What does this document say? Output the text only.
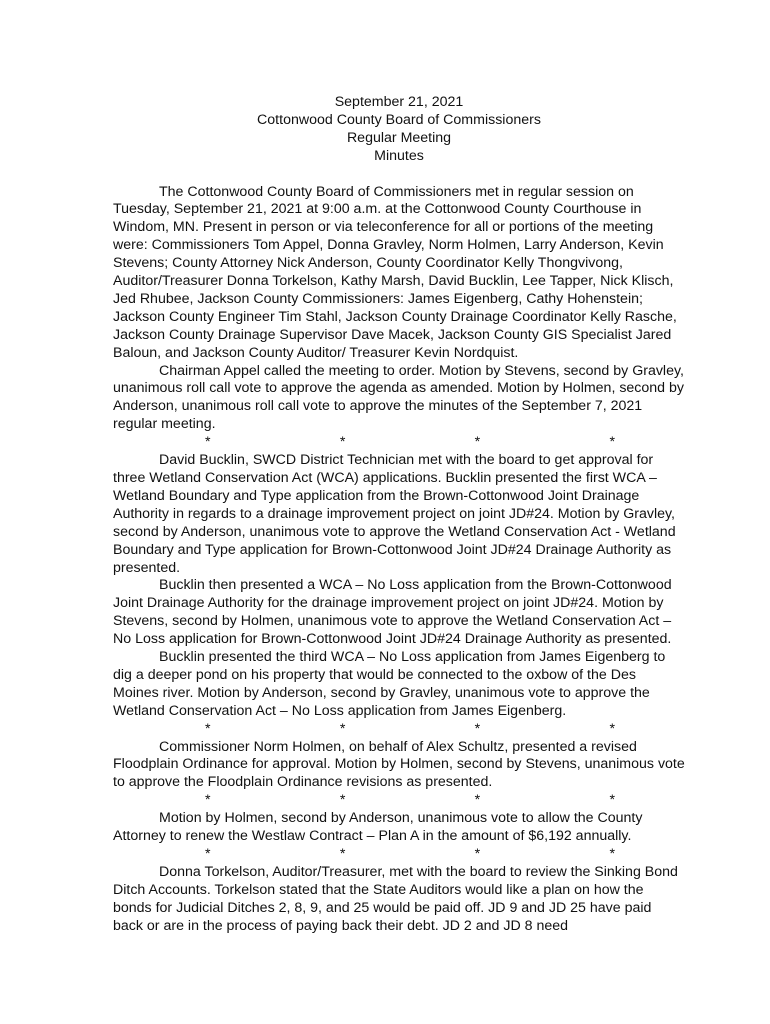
September 21, 2021
Cottonwood County Board of Commissioners
Regular Meeting
Minutes

The Cottonwood County Board of Commissioners met in regular session on Tuesday, September 21, 2021 at 9:00 a.m. at the Cottonwood County Courthouse in Windom, MN. Present in person or via teleconference for all or portions of the meeting were: Commissioners Tom Appel, Donna Gravley, Norm Holmen, Larry Anderson, Kevin Stevens; County Attorney Nick Anderson, County Coordinator Kelly Thongvivong, Auditor/Treasurer Donna Torkelson, Kathy Marsh, David Bucklin, Lee Tapper, Nick Klisch, Jed Rhubee, Jackson County Commissioners: James Eigenberg, Cathy Hohenstein; Jackson County Engineer Tim Stahl, Jackson County Drainage Coordinator Kelly Rasche, Jackson County Drainage Supervisor Dave Macek, Jackson County GIS Specialist Jared Baloun, and Jackson County Auditor/ Treasurer Kevin Nordquist.

Chairman Appel called the meeting to order. Motion by Stevens, second by Gravley, unanimous roll call vote to approve the agenda as amended. Motion by Holmen, second by Anderson, unanimous roll call vote to approve the minutes of the September 7, 2021 regular meeting.

*	*	*	*

David Bucklin, SWCD District Technician met with the board to get approval for three Wetland Conservation Act (WCA) applications. Bucklin presented the first WCA – Wetland Boundary and Type application from the Brown-Cottonwood Joint Drainage Authority in regards to a drainage improvement project on joint JD#24. Motion by Gravley, second by Anderson, unanimous vote to approve the Wetland Conservation Act - Wetland Boundary and Type application for Brown-Cottonwood Joint JD#24 Drainage Authority as presented.

Bucklin then presented a WCA – No Loss application from the Brown-Cottonwood Joint Drainage Authority for the drainage improvement project on joint JD#24. Motion by Stevens, second by Holmen, unanimous vote to approve the Wetland Conservation Act – No Loss application for Brown-Cottonwood Joint JD#24 Drainage Authority as presented.

Bucklin presented the third WCA – No Loss application from James Eigenberg to dig a deeper pond on his property that would be connected to the oxbow of the Des Moines river. Motion by Anderson, second by Gravley, unanimous vote to approve the Wetland Conservation Act – No Loss application from James Eigenberg.

*	*	*	*

Commissioner Norm Holmen, on behalf of Alex Schultz, presented a revised Floodplain Ordinance for approval. Motion by Holmen, second by Stevens, unanimous vote to approve the Floodplain Ordinance revisions as presented.

*	*	*	*

Motion by Holmen, second by Anderson, unanimous vote to allow the County Attorney to renew the Westlaw Contract – Plan A in the amount of $6,192 annually.

*	*	*	*

Donna Torkelson, Auditor/Treasurer, met with the board to review the Sinking Bond Ditch Accounts. Torkelson stated that the State Auditors would like a plan on how the bonds for Judicial Ditches 2, 8, 9, and 25 would be paid off. JD 9 and JD 25 have paid back or are in the process of paying back their debt. JD 2 and JD 8 need
